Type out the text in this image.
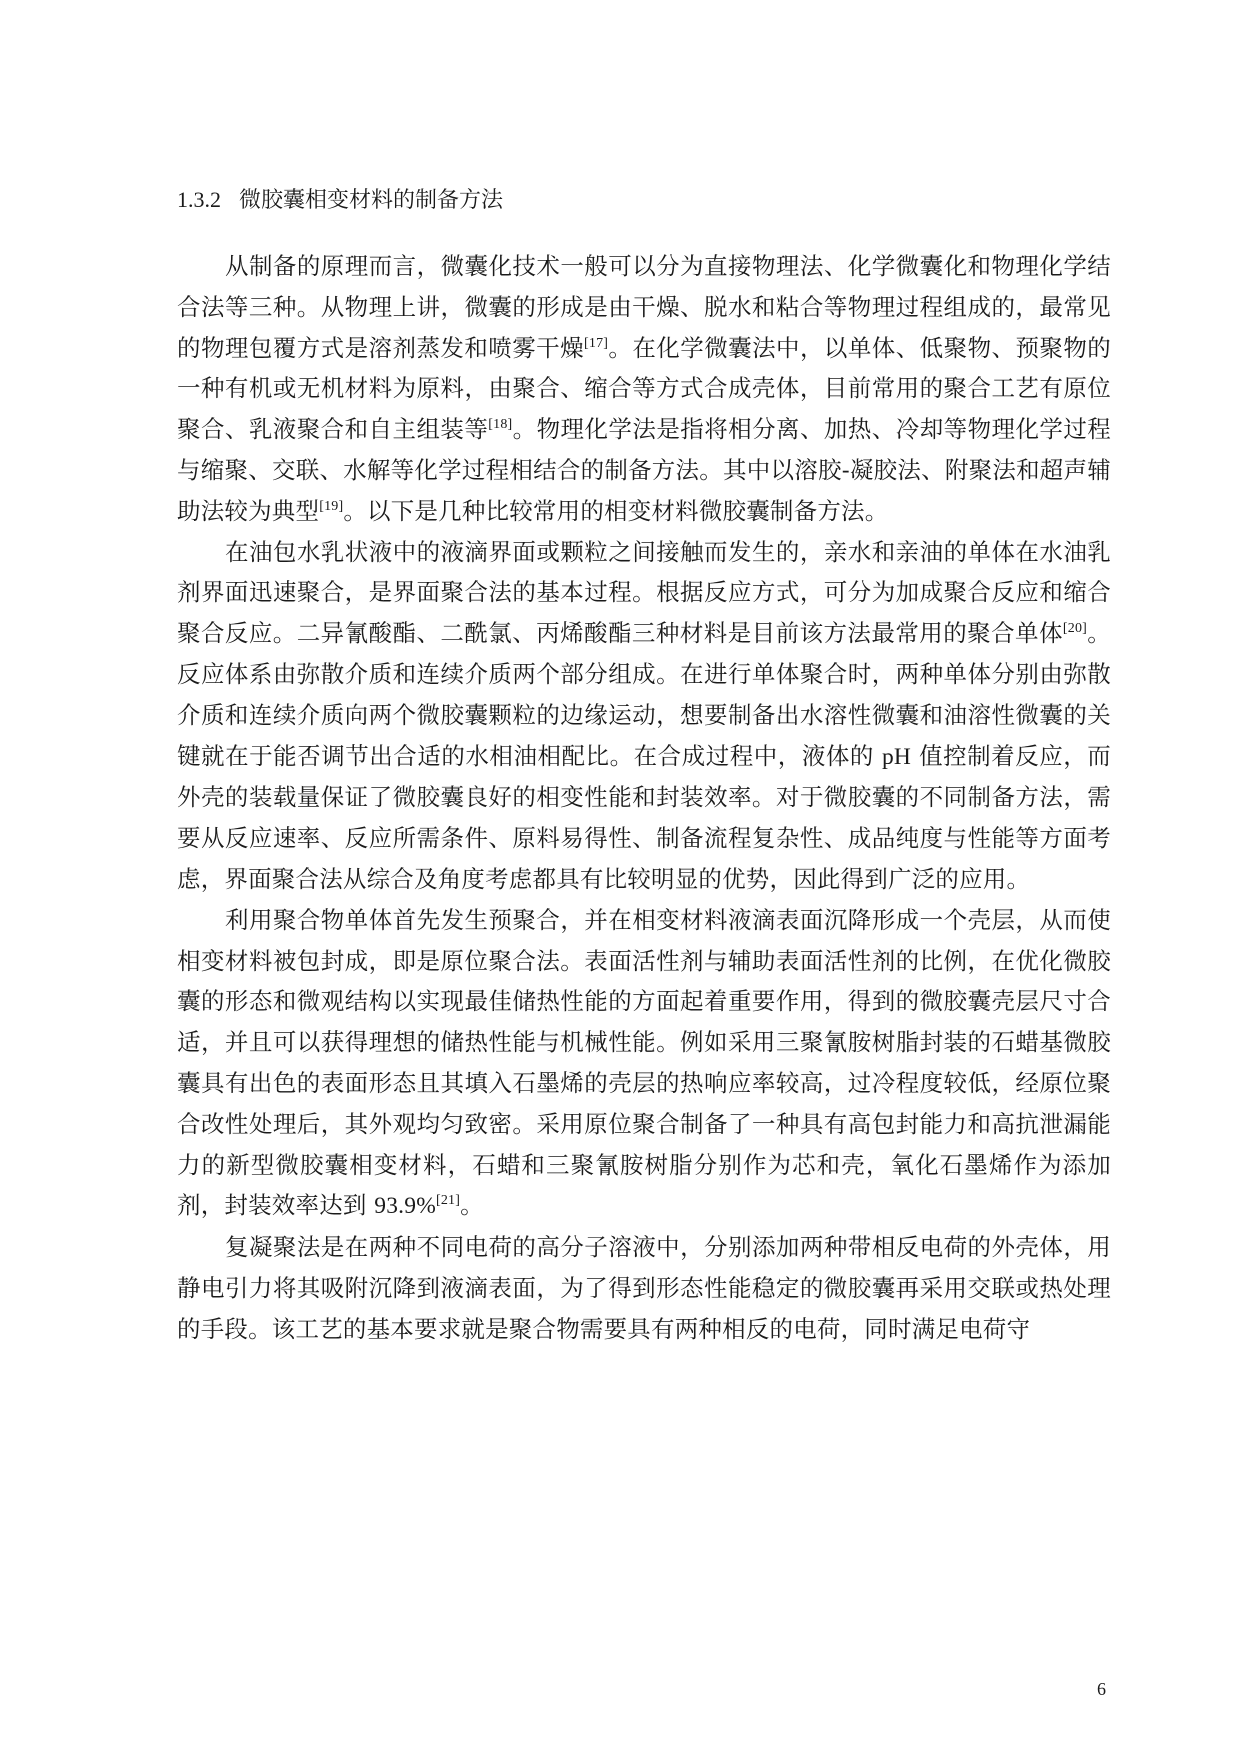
1.3.2 微胶囊相变材料的制备方法

从制备的原理而言，微囊化技术一般可以分为直接物理法、化学微囊化和物理化学结合法等三种。从物理上讲，微囊的形成是由干燥、脱水和粘合等物理过程组成的，最常见的物理包覆方式是溶剂蒸发和喷雾干燥[17]。在化学微囊法中，以单体、低聚物、预聚物的一种有机或无机材料为原料，由聚合、缩合等方式合成壳体，目前常用的聚合工艺有原位聚合、乳液聚合和自主组装等[18]。物理化学法是指将相分离、加热、冷却等物理化学过程与缩聚、交联、水解等化学过程相结合的制备方法。其中以溶胶-凝胶法、附聚法和超声辅助法较为典型[19]。以下是几种比较常用的相变材料微胶囊制备方法。

在油包水乳状液中的液滴界面或颗粒之间接触而发生的，亲水和亲油的单体在水油乳剂界面迅速聚合，是界面聚合法的基本过程。根据反应方式，可分为加成聚合反应和缩合聚合反应。二异氰酸酯、二酰氯、丙烯酸酯三种材料是目前该方法最常用的聚合单体[20]。反应体系由弥散介质和连续介质两个部分组成。在进行单体聚合时，两种单体分别由弥散介质和连续介质向两个微胶囊颗粒的边缘运动，想要制备出水溶性微囊和油溶性微囊的关键就在于能否调节出合适的水相油相配比。在合成过程中，液体的 pH 值控制着反应，而外壳的装载量保证了微胶囊良好的相变性能和封装效率。对于微胶囊的不同制备方法，需要从反应速率、反应所需条件、原料易得性、制备流程复杂性、成品纯度与性能等方面考虑，界面聚合法从综合及角度考虑都具有比较明显的优势，因此得到广泛的应用。

利用聚合物单体首先发生预聚合，并在相变材料液滴表面沉降形成一个壳层，从而使相变材料被包封成，即是原位聚合法。表面活性剂与辅助表面活性剂的比例，在优化微胶囊的形态和微观结构以实现最佳储热性能的方面起着重要作用，得到的微胶囊壳层尺寸合适，并且可以获得理想的储热性能与机械性能。例如采用三聚氰胺树脂封装的石蜡基微胶囊具有出色的表面形态且其填入石墨烯的壳层的热响应率较高，过冷程度较低，经原位聚合改性处理后，其外观均匀致密。采用原位聚合制备了一种具有高包封能力和高抗泄漏能力的新型微胶囊相变材料，石蜡和三聚氰胺树脂分别作为芯和壳，氧化石墨烯作为添加剂，封装效率达到 93.9%[21]。

复凝聚法是在两种不同电荷的高分子溶液中，分别添加两种带相反电荷的外壳体，用静电引力将其吸附沉降到液滴表面，为了得到形态性能稳定的微胶囊再采用交联或热处理的手段。该工艺的基本要求就是聚合物需要具有两种相反的电荷，同时满足电荷守

6
